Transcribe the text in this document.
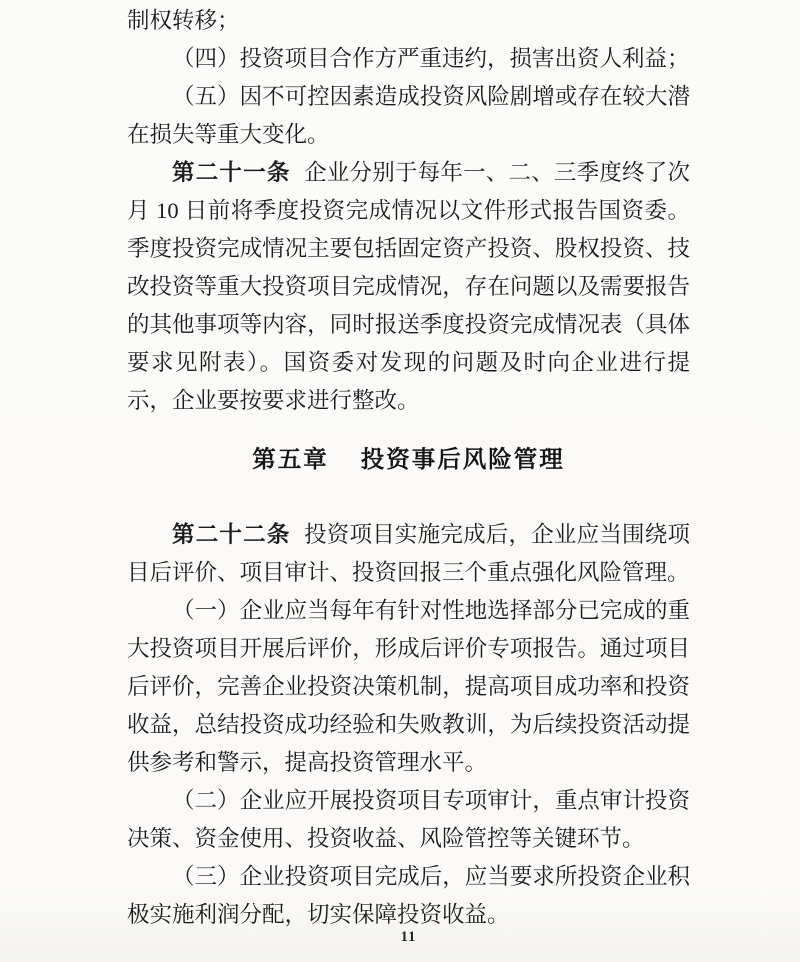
制权转移；

（四）投资项目合作方严重违约，损害出资人利益；

（五）因不可控因素造成投资风险剧增或存在较大潜在损失等重大变化。

第二十一条 企业分别于每年一、二、三季度终了次月 10 日前将季度投资完成情况以文件形式报告国资委。季度投资完成情况主要包括固定资产投资、股权投资、技改投资等重大投资项目完成情况，存在问题以及需要报告的其他事项等内容，同时报送季度投资完成情况表（具体要求见附表）。国资委对发现的问题及时向企业进行提示，企业要按要求进行整改。

第五章 投资事后风险管理

第二十二条 投资项目实施完成后，企业应当围绕项目后评价、项目审计、投资回报三个重点强化风险管理。

（一）企业应当每年有针对性地选择部分已完成的重大投资项目开展后评价，形成后评价专项报告。通过项目后评价，完善企业投资决策机制，提高项目成功率和投资收益，总结投资成功经验和失败教训，为后续投资活动提供参考和警示，提高投资管理水平。

（二）企业应开展投资项目专项审计，重点审计投资决策、资金使用、投资收益、风险管控等关键环节。

（三）企业投资项目完成后，应当要求所投资企业积极实施利润分配，切实保障投资收益。

11
